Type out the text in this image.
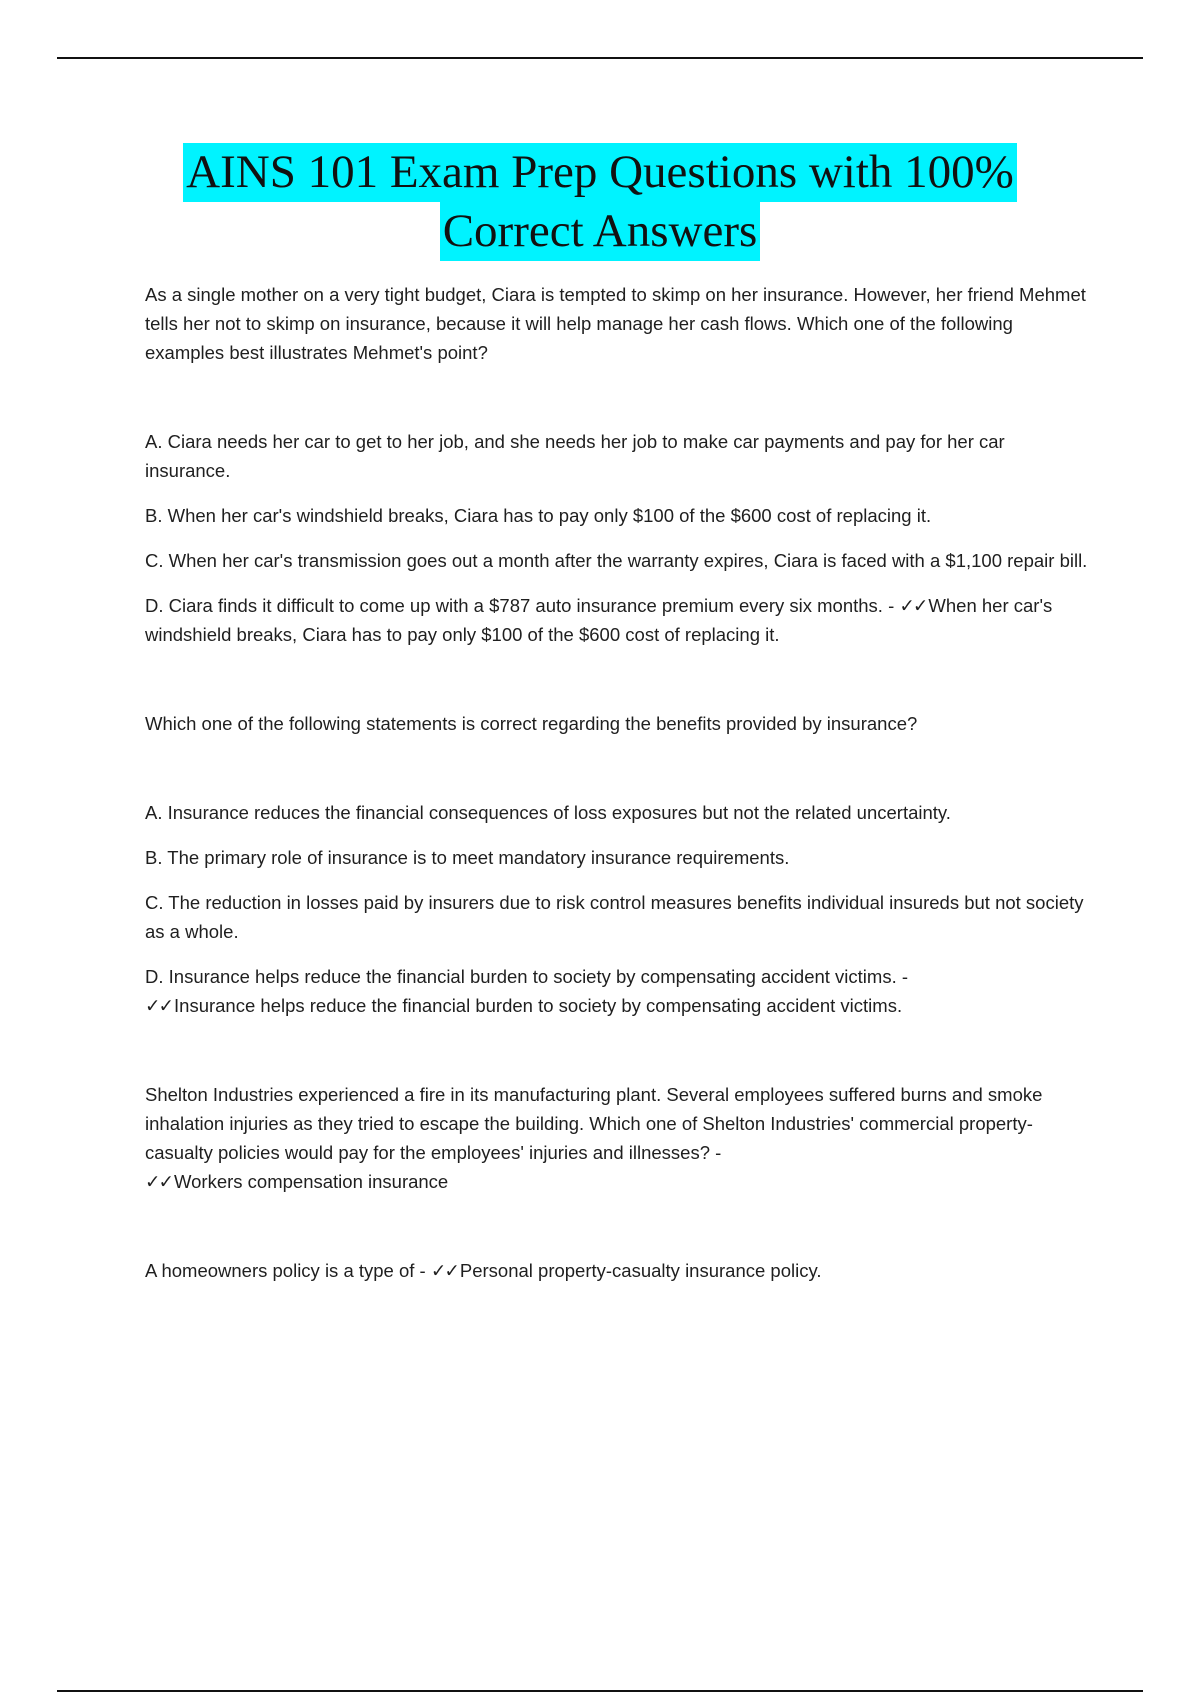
AINS 101 Exam Prep Questions with 100%
Correct Answers

As a single mother on a very tight budget, Ciara is tempted to skimp on her insurance. However, her friend Mehmet tells her not to skimp on insurance, because it will help manage her cash flows. Which one of the following examples best illustrates Mehmet's point?

A. Ciara needs her car to get to her job, and she needs her job to make car payments and pay for her car insurance.

B. When her car's windshield breaks, Ciara has to pay only $100 of the $600 cost of replacing it.

C. When her car's transmission goes out a month after the warranty expires, Ciara is faced with a $1,100 repair bill.

D. Ciara finds it difficult to come up with a $787 auto insurance premium every six months. - ✓✓ When her car's windshield breaks, Ciara has to pay only $100 of the $600 cost of replacing it.

Which one of the following statements is correct regarding the benefits provided by insurance?

A. Insurance reduces the financial consequences of loss exposures but not the related uncertainty.

B. The primary role of insurance is to meet mandatory insurance requirements.

C. The reduction in losses paid by insurers due to risk control measures benefits individual insureds but not society as a whole.

D. Insurance helps reduce the financial burden to society by compensating accident victims. -
✓✓ Insurance helps reduce the financial burden to society by compensating accident victims.

Shelton Industries experienced a fire in its manufacturing plant. Several employees suffered burns and smoke inhalation injuries as they tried to escape the building. Which one of Shelton Industries' commercial property-casualty policies would pay for the employees' injuries and illnesses? -
✓✓ Workers compensation insurance

A homeowners policy is a type of - ✓✓ Personal property-casualty insurance policy.
